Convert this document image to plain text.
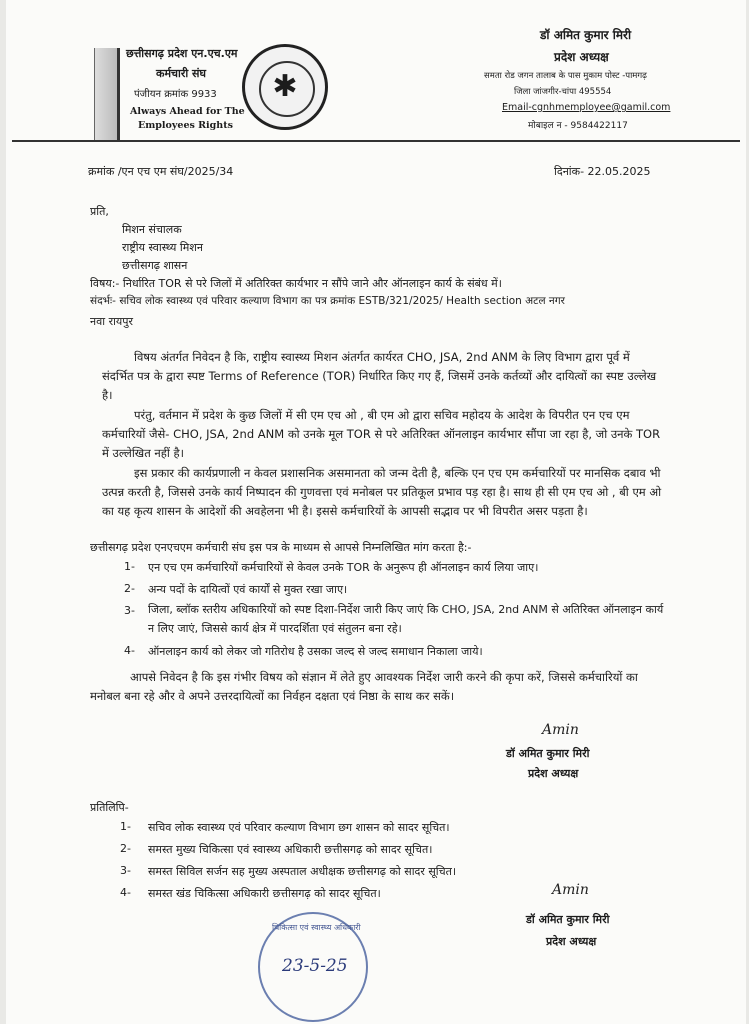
छत्तीसगढ़ प्रदेश एन.एच.एम
कर्मचारी संघ
पंजीयन क्रमांक 9933
Always Ahead for The
Employees Rights
✱
डॉ अमित कुमार मिरी
प्रदेश अध्यक्ष
समता रोड जगन तालाब के पास मुकाम पोस्ट -पामगढ़
जिला जांजगीर-चांपा 495554
Email-cgnhmemployee@gamil.com
मोबाइल न - 9584422117
क्रमांक /एन एच एम संघ/2025/34	दिनांक- 22.05.2025
प्रति,
मिशन संचालक
राष्ट्रीय स्वास्थ्य मिशन
छत्तीसगढ़ शासन
विषय:- निर्धारित TOR से परे जिलों में अतिरिक्त कार्यभार न सौंपे जाने और ऑनलाइन कार्य के संबंध में।
संदर्भः- सचिव लोक स्वास्थ्य एवं परिवार कल्याण विभाग का पत्र क्रमांक ESTB/321/2025/ Health section अटल नगर
नवा रायपुर
विषय अंतर्गत निवेदन है कि, राष्ट्रीय स्वास्थ्य मिशन अंतर्गत कार्यरत CHO, JSA, 2nd ANM के लिए विभाग द्वारा पूर्व में संदर्भित पत्र के द्वारा स्पष्ट Terms of Reference (TOR) निर्धारित किए गए हैं, जिसमें उनके कर्तव्यों और दायित्वों का स्पष्ट उल्लेख है।
परंतु, वर्तमान में प्रदेश के कुछ जिलों में सी एम एच ओ , बी एम ओ द्वारा सचिव महोदय के आदेश के विपरीत एन एच एम कर्मचारियों जैसे- CHO, JSA, 2nd ANM को उनके मूल TOR से परे अतिरिक्त ऑनलाइन कार्यभार सौंपा जा रहा है, जो उनके TOR में उल्लेखित नहीं है।
इस प्रकार की कार्यप्रणाली न केवल प्रशासनिक असमानता को जन्म देती है, बल्कि एन एच एम कर्मचारियों पर मानसिक दबाव भी उत्पन्न करती है, जिससे उनके कार्य निष्पादन की गुणवत्ता एवं मनोबल पर प्रतिकूल प्रभाव पड़ रहा है। साथ ही सी एम एच ओ , बी एम ओ का यह कृत्य शासन के आदेशों की अवहेलना भी है। इससे कर्मचारियों के आपसी सद्भाव पर भी विपरीत असर पड़ता है।
छत्तीसगढ़ प्रदेश एनएचएम कर्मचारी संघ इस पत्र के माध्यम से आपसे निम्नलिखित मांग करता है:-
1- एन एच एम कर्मचारियों कर्मचारियों से केवल उनके TOR के अनुरूप ही ऑनलाइन कार्य लिया जाए।
2- अन्य पदों के दायित्वों एवं कार्यों से मुक्त रखा जाए।
3- जिला, ब्लॉक स्तरीय अधिकारियों को स्पष्ट दिशा-निर्देश जारी किए जाएं कि CHO, JSA, 2nd ANM से अतिरिक्त ऑनलाइन कार्य न लिए जाएं, जिससे कार्य क्षेत्र में पारदर्शिता एवं संतुलन बना रहे।
4- ऑनलाइन कार्य को लेकर जो गतिरोध है उसका जल्द से जल्द समाधान निकाला जाये।
आपसे निवेदन है कि इस गंभीर विषय को संज्ञान में लेते हुए आवश्यक निर्देश जारी करने की कृपा करें, जिससे कर्मचारियों का मनोबल बना रहे और वे अपने उत्तरदायित्वों का निर्वहन दक्षता एवं निष्ठा के साथ कर सकें।
Amin
डॉ अमित कुमार मिरी
प्रदेश अध्यक्ष
प्रतिलिपि-
1- सचिव लोक स्वास्थ्य एवं परिवार कल्याण विभाग छग शासन को सादर सूचित।
2- समस्त मुख्य चिकित्सा एवं स्वास्थ्य अधिकारी छत्तीसगढ़ को सादर सूचित।
3- समस्त सिविल सर्जन सह मुख्य अस्पताल अधीक्षक छत्तीसगढ़ को सादर सूचित।
4- समस्त खंड चिकित्सा अधिकारी छत्तीसगढ़ को सादर सूचित।	Amin
डॉ अमित कुमार मिरी
प्रदेश अध्यक्ष
चिकित्सा एवं स्वास्थ्य अधिकारी
23-5-25
